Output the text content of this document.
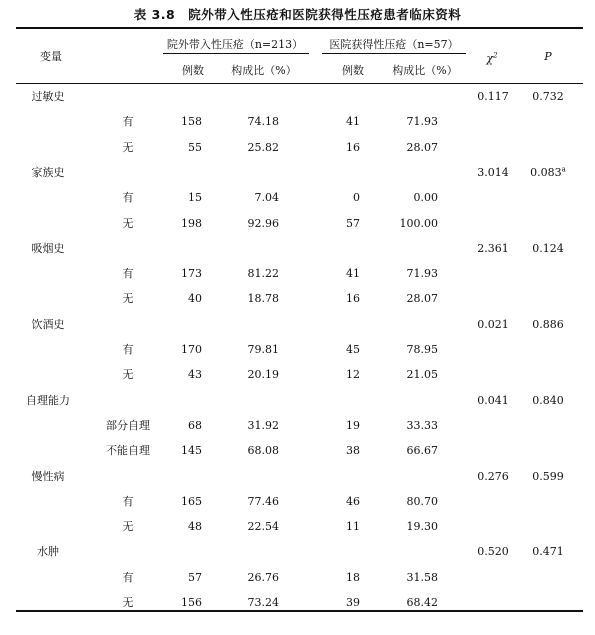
表 3.8　院外带入性压疮和医院获得性压疮患者临床资料
变量
院外带入性压疮（n=213） 医院获得性压疮（n=57）
例数 构成比（%）	例数	构成比（%）
$\chi^2$	P
过敏史	0.117 0.732
有	158	74.18	41	71.93
无	55	25.82	16	28.07
家族史	3.014 0.083$^a$
有	15	7.04	0	0.00
无	198	92.96	57	100.00
吸烟史	2.361 0.124
有	173	81.22	41	71.93
无	40	18.78	16	28.07
饮酒史	0.021 0.886
有	170	79.81	45	78.95
无	43	20.19	12	21.05
自理能力	0.041 0.840
部分自理	68	31.92	19	33.33
不能自理	145	68.08	38	66.67
慢性病	0.276 0.599
有	165	77.46	46	80.70
无	48	22.54	11	19.30
水肿	0.520 0.471
有	57	26.76	18	31.58
无	156	73.24	39	68.42
